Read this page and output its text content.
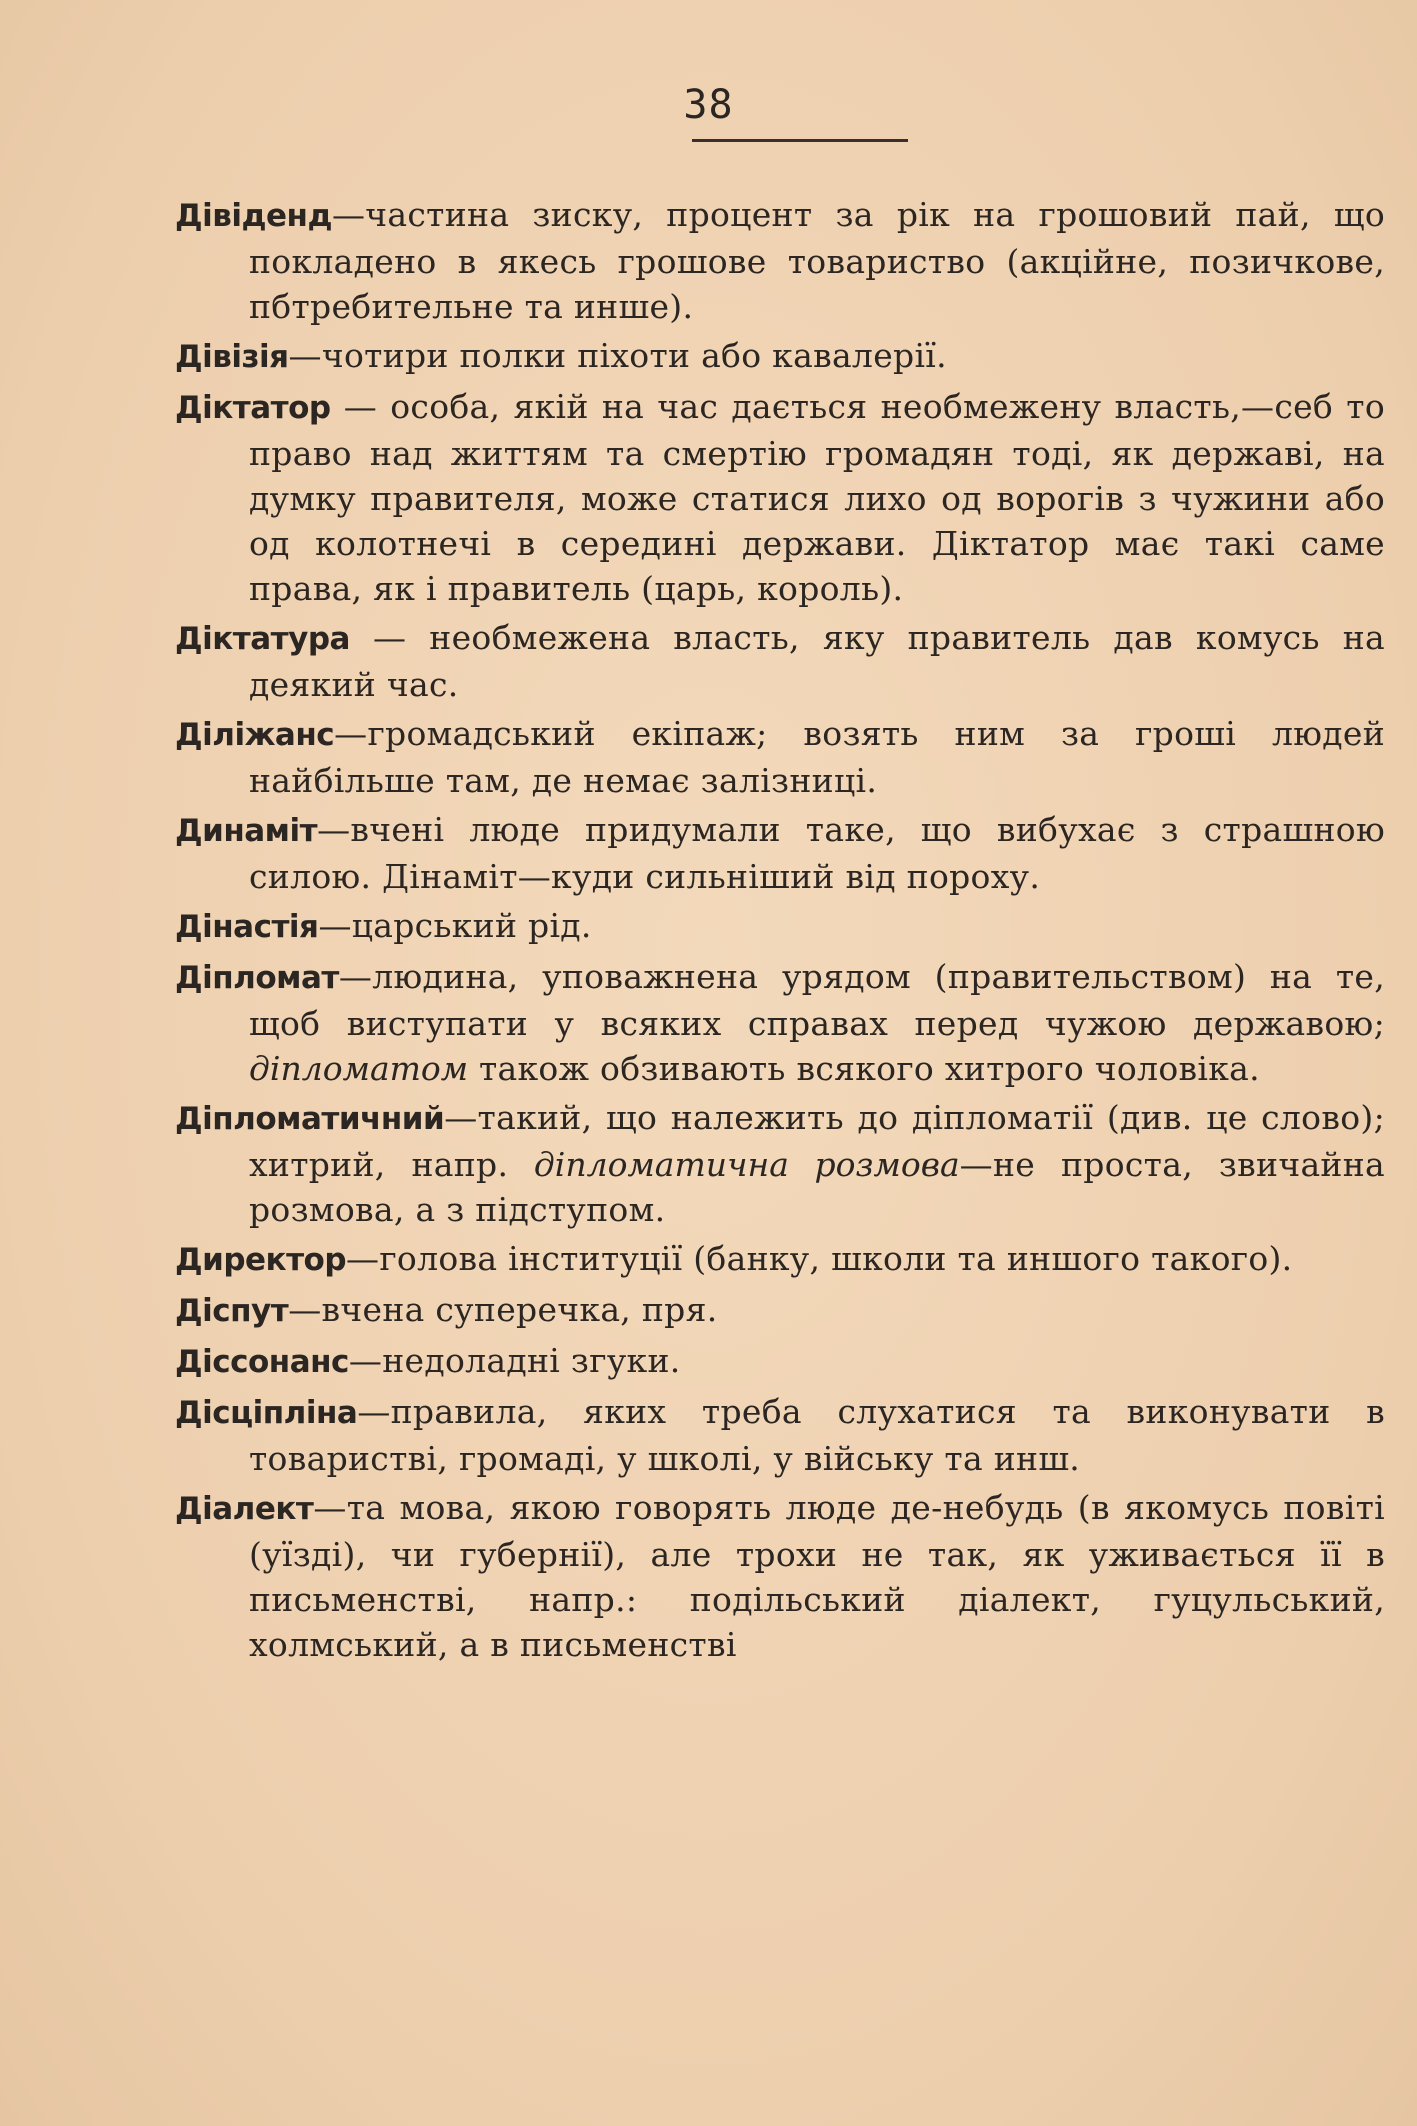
38

Дівіденд—частина зиску, процент за рік на грошовий пай, що покладено в якесь грошове товариство (акційне, позичкове, пбтребительне та инше).

Дівізія—чотири полки піхоти або кавалерії.

Діктатор — особа, якій на час дається необмежену власть,—себ то право над життям та смертію громадян тоді, як державі, на думку правителя, може статися лихо од ворогів з чужини або од колотнечі в середині держави. Діктатор має такі саме права, як і правитель (царь, король).

Діктатура — необмежена власть, яку правитель дав комусь на деякий час.

Діліжанс—громадський екіпаж; возять ним за гроші людей найбільше там, де немає залізниці.

Динаміт—вчені люде придумали таке, що вибухає з страшною силою. Дінаміт—куди сильніший від пороху.

Дінастія—царський рід.

Діпломат—людина, уповажнена урядом (правительством) на те, щоб виступати у всяких справах перед чужою державою; діпломатом також обзивають всякого хитрого чоловіка.

Діпломатичний—такий, що належить до діпломатії (див. це слово); хитрий, напр. діпломатична розмова—не проста, звичайна розмова, а з підступом.

Директор—голова інституції (банку, школи та иншого такого).

Діспут—вчена суперечка, пря.

Діссонанс—недоладні згуки.

Дісціпліна—правила, яких треба слухатися та виконувати в товаристві, громаді, у школі, у війську та инш.

Діалект—та мова, якою говорять люде де-небудь (в якомусь повіті (уїзді), чи губернії), але трохи не так, як уживається її в письменстві, напр.: подільський діалект, гуцульський, холмський, а в письменстві
